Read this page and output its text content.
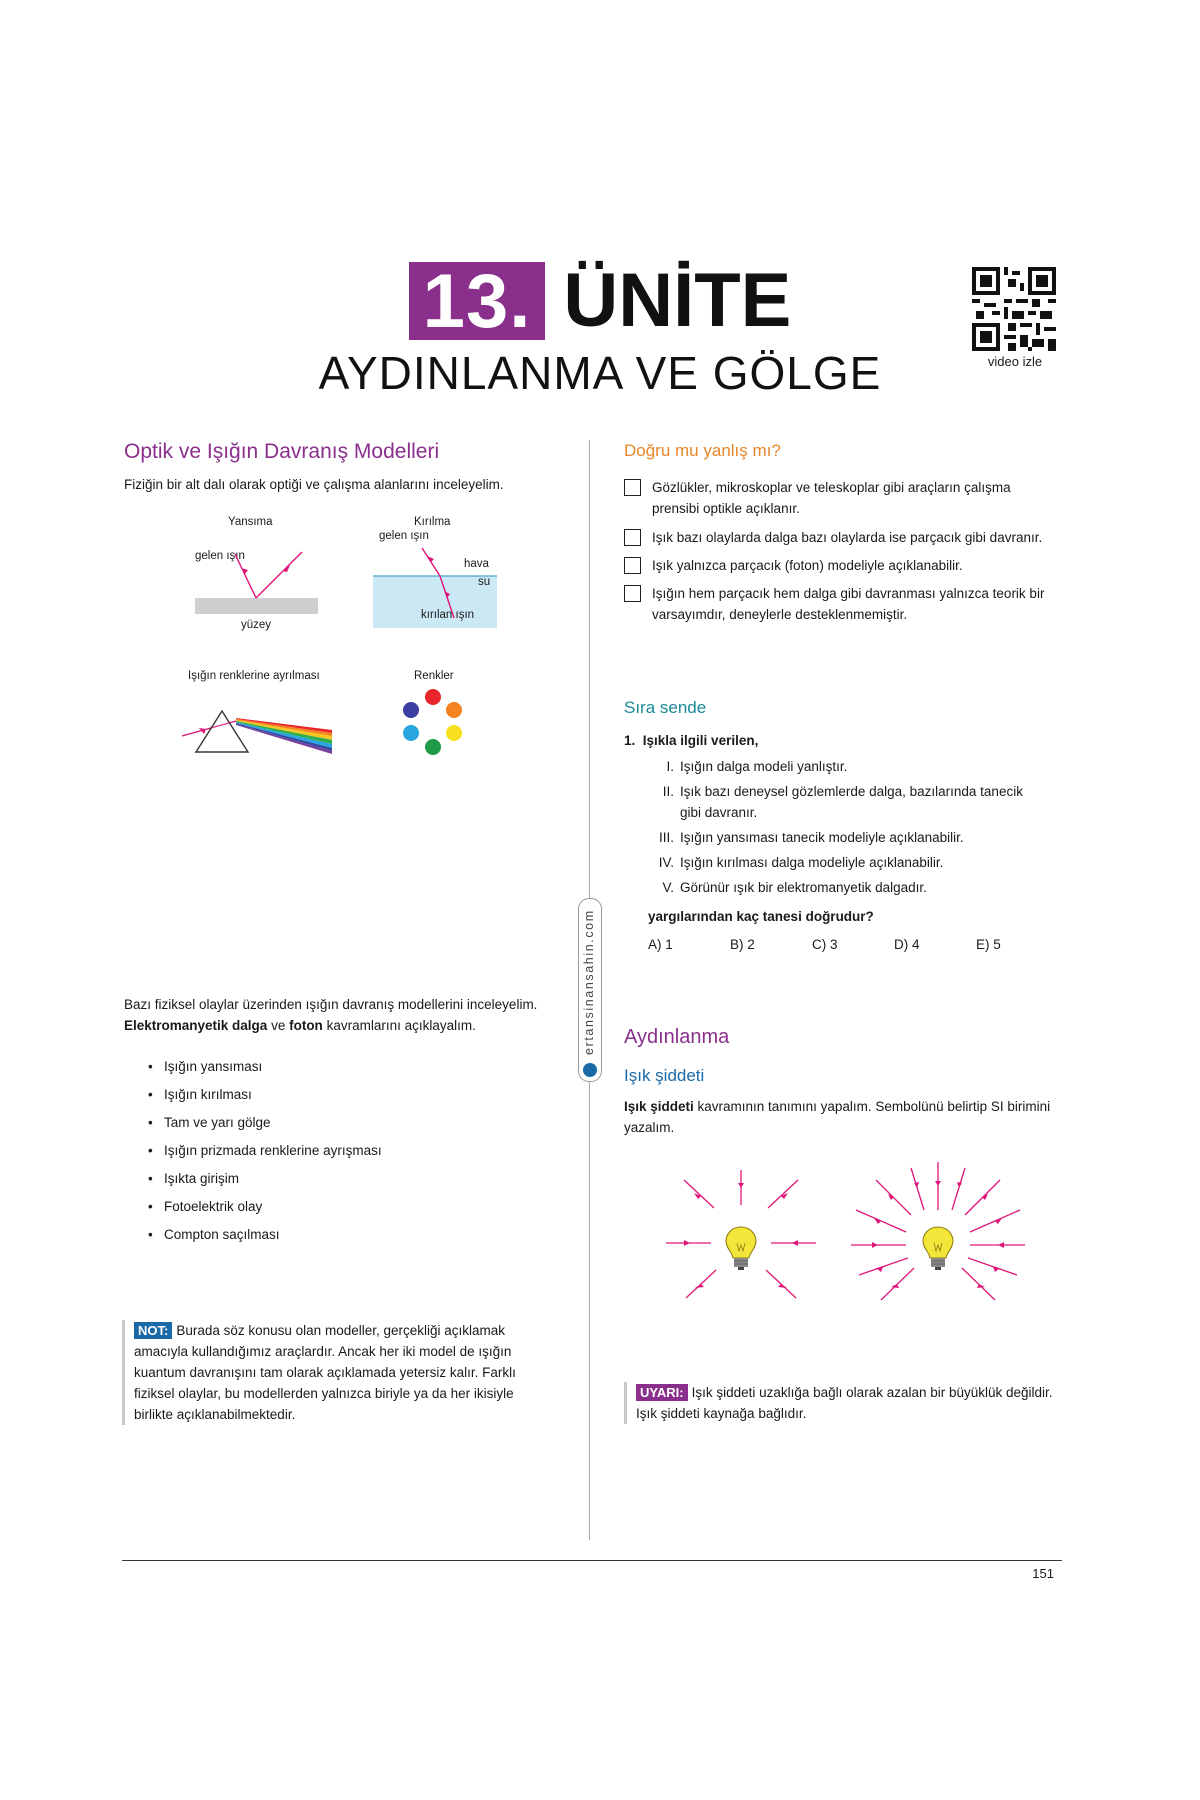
13. ÜNİTE
AYDINLANMA VE GÖLGE	video izle
Optik ve Işığın Davranış Modelleri
Fiziğin bir alt dalı olarak optiği ve çalışma alanlarını inceleyelim.
Yansıma
gelen ışın
yüzey
Kırılma
gelen ışın
hava
su
kırılan ışın
Işığın renklerine ayrılması	Renkler
Bazı fiziksel olaylar üzerinden ışığın davranış modellerini inceleyelim.
Elektromanyetik dalga ve foton kavramlarını açıklayalım.
• Işığın yansıması
• Işığın kırılması
• Tam ve yarı gölge
• Işığın prizmada renklerine ayrışması
• Işıkta girişim
• Fotoelektrik olay
• Compton saçılması
NOT: Burada söz konusu olan modeller, gerçekliği açıklamak amacıyla kullandığımız araçlardır. Ancak her iki model de ışığın kuantum davranışını tam olarak açıklamada yetersiz kalır. Farklı fiziksel olaylar, bu modellerden yalnızca biriyle ya da her ikisiyle birlikte açıklanabilmektedir.
ertansinansahin.com
Doğru mu yanlış mı?
Gözlükler, mikroskoplar ve teleskoplar gibi araçların çalışma prensibi optikle açıklanır.
Işık bazı olaylarda dalga bazı olaylarda ise parçacık gibi davranır.
Işık yalnızca parçacık (foton) modeliyle açıklanabilir.
Işığın hem parçacık hem dalga gibi davranması yalnızca teorik bir varsayımdır, deneylerle desteklenmemiştir.
Sıra sende
1. Işıkla ilgili verilen,
I. Işığın dalga modeli yanlıştır.
II. Işık bazı deneysel gözlemlerde dalga, bazılarında tanecik gibi davranır.
III. Işığın yansıması tanecik modeliyle açıklanabilir.
IV. Işığın kırılması dalga modeliyle açıklanabilir.
V. Görünür ışık bir elektromanyetik dalgadır.
yargılarından kaç tanesi doğrudur?
A) 1	B) 2	C) 3	D) 4	E) 5
Aydınlanma
Işık şiddeti
Işık şiddeti kavramının tanımını yapalım. Sembolünü belirtip SI birimini yazalım.
UYARI: Işık şiddeti uzaklığa bağlı olarak azalan bir büyüklük değildir. Işık şiddeti kaynağa bağlıdır.
151
